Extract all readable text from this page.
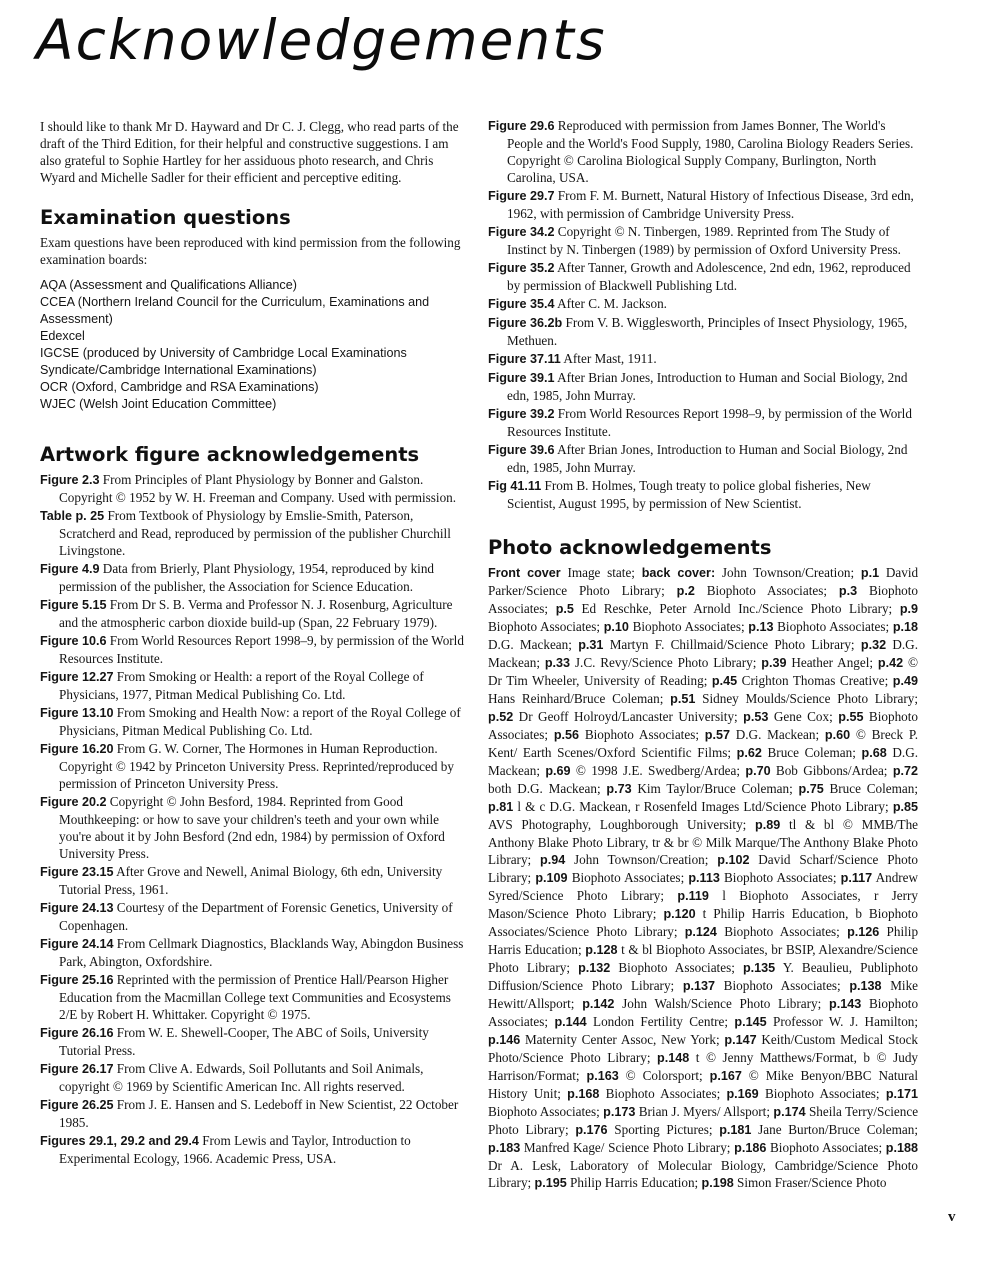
Acknowledgements

I should like to thank Mr D. Hayward and Dr C. J. Clegg, who read parts of the draft of the Third Edition, for their helpful and constructive suggestions. I am also grateful to Sophie Hartley for her assiduous photo research, and Chris Wyard and Michelle Sadler for their efficient and perceptive editing.

Examination questions

Exam questions have been reproduced with kind permission from the following examination boards:

AQA (Assessment and Qualifications Alliance)
CCEA (Northern Ireland Council for the Curriculum, Examinations and Assessment)
Edexcel
IGCSE (produced by University of Cambridge Local Examinations Syndicate/Cambridge International Examinations)
OCR (Oxford, Cambridge and RSA Examinations)
WJEC (Welsh Joint Education Committee)
Artwork figure acknowledgements

Figure 2.3 From Principles of Plant Physiology by Bonner and Galston. Copyright © 1952 by W. H. Freeman and Company. Used with permission.

Table p. 25 From Textbook of Physiology by Emslie-Smith, Paterson, Scratcherd and Read, reproduced by permission of the publisher Churchill Livingstone.

Figure 4.9 Data from Brierly, Plant Physiology, 1954, reproduced by kind permission of the publisher, the Association for Science Education.

Figure 5.15 From Dr S. B. Verma and Professor N. J. Rosenburg, Agriculture and the atmospheric carbon dioxide build-up (Span, 22 February 1979).

Figure 10.6 From World Resources Report 1998–9, by permission of the World Resources Institute.

Figure 12.27 From Smoking or Health: a report of the Royal College of Physicians, 1977, Pitman Medical Publishing Co. Ltd.

Figure 13.10 From Smoking and Health Now: a report of the Royal College of Physicians, Pitman Medical Publishing Co. Ltd.

Figure 16.20 From G. W. Corner, The Hormones in Human Reproduction. Copyright © 1942 by Princeton University Press. Reprinted/reproduced by permission of Princeton University Press.

Figure 20.2 Copyright © John Besford, 1984. Reprinted from Good Mouthkeeping: or how to save your children's teeth and your own while you're about it by John Besford (2nd edn, 1984) by permission of Oxford University Press.

Figure 23.15 After Grove and Newell, Animal Biology, 6th edn, University Tutorial Press, 1961.

Figure 24.13 Courtesy of the Department of Forensic Genetics, University of Copenhagen.

Figure 24.14 From Cellmark Diagnostics, Blacklands Way, Abingdon Business Park, Abington, Oxfordshire.

Figure 25.16 Reprinted with the permission of Prentice Hall/Pearson Higher Education from the Macmillan College text Communities and Ecosystems 2/E by Robert H. Whittaker. Copyright © 1975.

Figure 26.16 From W. E. Shewell-Cooper, The ABC of Soils, University Tutorial Press.

Figure 26.17 From Clive A. Edwards, Soil Pollutants and Soil Animals, copyright © 1969 by Scientific American Inc. All rights reserved.

Figure 26.25 From J. E. Hansen and S. Ledeboff in New Scientist, 22 October 1985.

Figures 29.1, 29.2 and 29.4 From Lewis and Taylor, Introduction to Experimental Ecology, 1966. Academic Press, USA.

Figure 29.6 Reproduced with permission from James Bonner, The World's People and the World's Food Supply, 1980, Carolina Biology Readers Series. Copyright © Carolina Biological Supply Company, Burlington, North Carolina, USA.

Figure 29.7 From F. M. Burnett, Natural History of Infectious Disease, 3rd edn, 1962, with permission of Cambridge University Press.

Figure 34.2 Copyright © N. Tinbergen, 1989. Reprinted from The Study of Instinct by N. Tinbergen (1989) by permission of Oxford University Press.

Figure 35.2 After Tanner, Growth and Adolescence, 2nd edn, 1962, reproduced by permission of Blackwell Publishing Ltd.

Figure 35.4 After C. M. Jackson.

Figure 36.2b From V. B. Wigglesworth, Principles of Insect Physiology, 1965, Methuen.

Figure 37.11 After Mast, 1911.

Figure 39.1 After Brian Jones, Introduction to Human and Social Biology, 2nd edn, 1985, John Murray.

Figure 39.2 From World Resources Report 1998–9, by permission of the World Resources Institute.

Figure 39.6 After Brian Jones, Introduction to Human and Social Biology, 2nd edn, 1985, John Murray.

Fig 41.11 From B. Holmes, Tough treaty to police global fisheries, New Scientist, August 1995, by permission of New Scientist.

Photo acknowledgements

Front cover Image state; back cover: John Townson/Creation; p.1 David Parker/Science Photo Library; p.2 Biophoto Associates; p.3 Biophoto Associates; p.5 Ed Reschke, Peter Arnold Inc./Science Photo Library; p.9 Biophoto Associates; p.10 Biophoto Associates; p.13 Biophoto Associates; p.18 D.G. Mackean; p.31 Martyn F. Chillmaid/Science Photo Library; p.32 D.G. Mackean; p.33 J.C. Revy/Science Photo Library; p.39 Heather Angel; p.42 © Dr Tim Wheeler, University of Reading; p.45 Crighton Thomas Creative; p.49 Hans Reinhard/Bruce Coleman; p.51 Sidney Moulds/Science Photo Library; p.52 Dr Geoff Holroyd/Lancaster University; p.53 Gene Cox; p.55 Biophoto Associates; p.56 Biophoto Associates; p.57 D.G. Mackean; p.60 © Breck P. Kent/ Earth Scenes/Oxford Scientific Films; p.62 Bruce Coleman; p.68 D.G. Mackean; p.69 © 1998 J.E. Swedberg/Ardea; p.70 Bob Gibbons/Ardea; p.72 both D.G. Mackean; p.73 Kim Taylor/Bruce Coleman; p.75 Bruce Coleman; p.81 l & c D.G. Mackean, r Rosenfeld Images Ltd/Science Photo Library; p.85 AVS Photography, Loughborough University; p.89 tl & bl © MMB/The Anthony Blake Photo Library, tr & br © Milk Marque/The Anthony Blake Photo Library; p.94 John Townson/Creation; p.102 David Scharf/Science Photo Library; p.109 Biophoto Associates; p.113 Biophoto Associates; p.117 Andrew Syred/Science Photo Library; p.119 l Biophoto Associates, r Jerry Mason/Science Photo Library; p.120 t Philip Harris Education, b Biophoto Associates/Science Photo Library; p.124 Biophoto Associates; p.126 Philip Harris Education; p.128 t & bl Biophoto Associates, br BSIP, Alexandre/Science Photo Library; p.132 Biophoto Associates; p.135 Y. Beaulieu, Publiphoto Diffusion/Science Photo Library; p.137 Biophoto Associates; p.138 Mike Hewitt/Allsport; p.142 John Walsh/Science Photo Library; p.143 Biophoto Associates; p.144 London Fertility Centre; p.145 Professor W. J. Hamilton; p.146 Maternity Center Assoc, New York; p.147 Keith/Custom Medical Stock Photo/Science Photo Library; p.148 t © Jenny Matthews/Format, b © Judy Harrison/Format; p.163 © Colorsport; p.167 © Mike Benyon/BBC Natural History Unit; p.168 Biophoto Associates; p.169 Biophoto Associates; p.171 Biophoto Associates; p.173 Brian J. Myers/ Allsport; p.174 Sheila Terry/Science Photo Library; p.176 Sporting Pictures; p.181 Jane Burton/Bruce Coleman; p.183 Manfred Kage/ Science Photo Library; p.186 Biophoto Associates; p.188 Dr A. Lesk, Laboratory of Molecular Biology, Cambridge/Science Photo Library; p.195 Philip Harris Education; p.198 Simon Fraser/Science Photo

v
